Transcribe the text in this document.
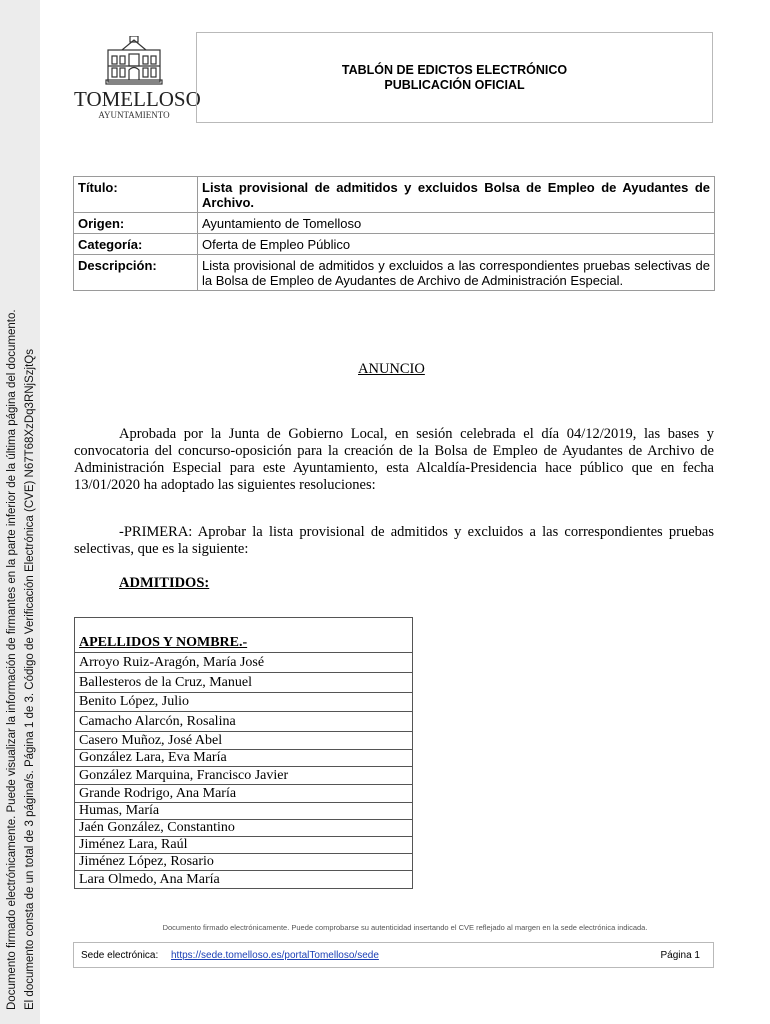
Documento firmado electrónicamente. Puede visualizar la información de firmantes en la parte inferior de la última página del documento. El documento consta de un total de 3 página/s. Página 1 de 3. Código de Verificación Electrónica (CVE) N67T68XzDq3RNjSzjtQs
TOMELLOSO
AYUNTAMIENTO
TABLÓN DE EDICTOS ELECTRÓNICO
PUBLICACIÓN OFICIAL
Título:	Lista provisional de admitidos y excluidos Bolsa de Empleo de Ayudantes de Archivo.
Origen:	Ayuntamiento de Tomelloso
Categoría:	Oferta de Empleo Público
Descripción:	Lista provisional de admitidos y excluidos a las correspondientes pruebas selectivas de la Bolsa de Empleo de Ayudantes de Archivo de Administración Especial.
ANUNCIO
Aprobada por la Junta de Gobierno Local, en sesión celebrada el día 04/12/2019, las bases y convocatoria del concurso-oposición para la creación de la Bolsa de Empleo de Ayudantes de Archivo de Administración Especial para este Ayuntamiento, esta Alcaldía-Presidencia hace público que en fecha 13/01/2020 ha adoptado las siguientes resoluciones:
-PRIMERA: Aprobar la lista provisional de admitidos y excluidos a las correspondientes pruebas selectivas, que es la siguiente:
ADMITIDOS:
APELLIDOS Y NOMBRE.-
Arroyo Ruiz-Aragón, María José
Ballesteros de la Cruz, Manuel
Benito López, Julio
Camacho Alarcón, Rosalina
Casero Muñoz, José Abel
González Lara, Eva María
González Marquina, Francisco Javier
Grande Rodrigo, Ana María
Humas, María
Jaén González, Constantino
Jiménez Lara, Raúl
Jiménez López, Rosario
Lara Olmedo, Ana María
Documento firmado electrónicamente. Puede comprobarse su autenticidad insertando el CVE reflejado al margen en la sede electrónica indicada.
Sede electrónica: https://sede.tomelloso.es/portalTomelloso/sede	Página 1
